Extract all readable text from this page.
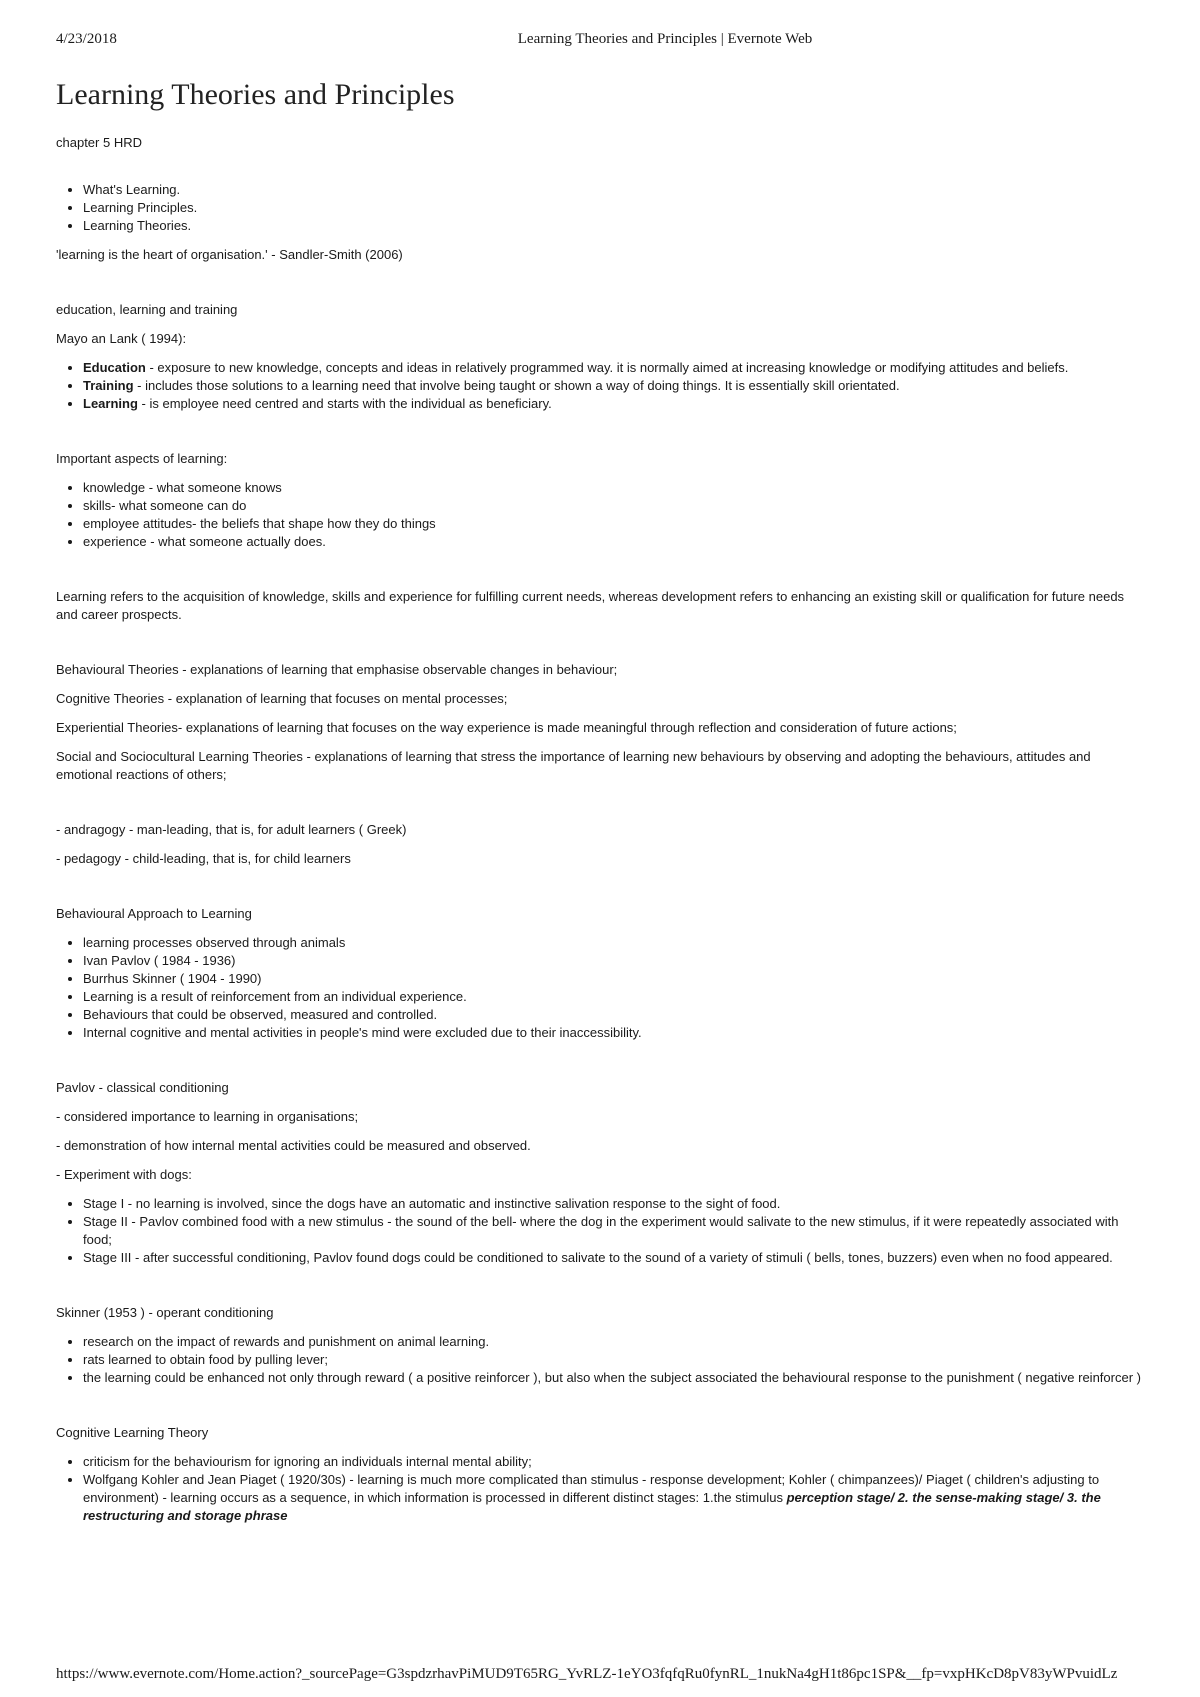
4/23/2018	Learning Theories and Principles | Evernote Web
Learning Theories and Principles

chapter 5 HRD

• What's Learning.
• Learning Principles.
• Learning Theories.

'learning is the heart of organisation.' - Sandler-Smith (2006)

education, learning and training

Mayo an Lank ( 1994):

• Education - exposure to new knowledge, concepts and ideas in relatively programmed way. it is normally aimed at increasing knowledge or modifying attitudes and beliefs.
• Training - includes those solutions to a learning need that involve being taught or shown a way of doing things. It is essentially skill orientated.
• Learning - is employee need centred and starts with the individual as beneficiary.

Important aspects of learning:

• knowledge - what someone knows
• skills- what someone can do
• employee attitudes- the beliefs that shape how they do things
• experience - what someone actually does.

Learning refers to the acquisition of knowledge, skills and experience for fulfilling current needs, whereas development refers to enhancing an existing skill or qualification for future needs and career prospects.

Behavioural Theories - explanations of learning that emphasise observable changes in behaviour;

Cognitive Theories - explanation of learning that focuses on mental processes;

Experiential Theories- explanations of learning that focuses on the way experience is made meaningful through reflection and consideration of future actions;

Social and Sociocultural Learning Theories - explanations of learning that stress the importance of learning new behaviours by observing and adopting the behaviours, attitudes and emotional reactions of others;

- andragogy - man-leading, that is, for adult learners ( Greek)

- pedagogy - child-leading, that is, for child learners

Behavioural Approach to Learning

• learning processes observed through animals
• Ivan Pavlov ( 1984 - 1936)
• Burrhus Skinner ( 1904 - 1990)
• Learning is a result of reinforcement from an individual experience.
• Behaviours that could be observed, measured and controlled.
• Internal cognitive and mental activities in people's mind were excluded due to their inaccessibility.

Pavlov - classical conditioning

- considered importance to learning in organisations;

- demonstration of how internal mental activities could be measured and observed.

- Experiment with dogs:

• Stage I - no learning is involved, since the dogs have an automatic and instinctive salivation response to the sight of food.
• Stage II - Pavlov combined food with a new stimulus - the sound of the bell- where the dog in the experiment would salivate to the new stimulus, if it were repeatedly associated with food;
• Stage III - after successful conditioning, Pavlov found dogs could be conditioned to salivate to the sound of a variety of stimuli ( bells, tones, buzzers) even when no food appeared.

Skinner (1953 ) - operant conditioning

• research on the impact of rewards and punishment on animal learning.
• rats learned to obtain food by pulling lever;
• the learning could be enhanced not only through reward ( a positive reinforcer ), but also when the subject associated the behavioural response to the punishment ( negative reinforcer )

Cognitive Learning Theory

• criticism for the behaviourism for ignoring an individuals internal mental ability;
• Wolfgang Kohler and Jean Piaget ( 1920/30s) - learning is much more complicated than stimulus - response development; Kohler ( chimpanzees)/ Piaget ( children's adjusting to environment) - learning occurs as a sequence, in which information is processed in different distinct stages: 1.the stimulus perception stage/ 2. the sense-making stage/ 3. the restructuring and storage phrase
https://www.evernote.com/Home.action?_sourcePage=G3spdzrhavPiMUD9T65RG_YvRLZ-1eYO3fqfqRu0fynRL_1nukNa4gH1t86pc1SP&__fp=vxpHKcD8pV83yWPvuidLz
